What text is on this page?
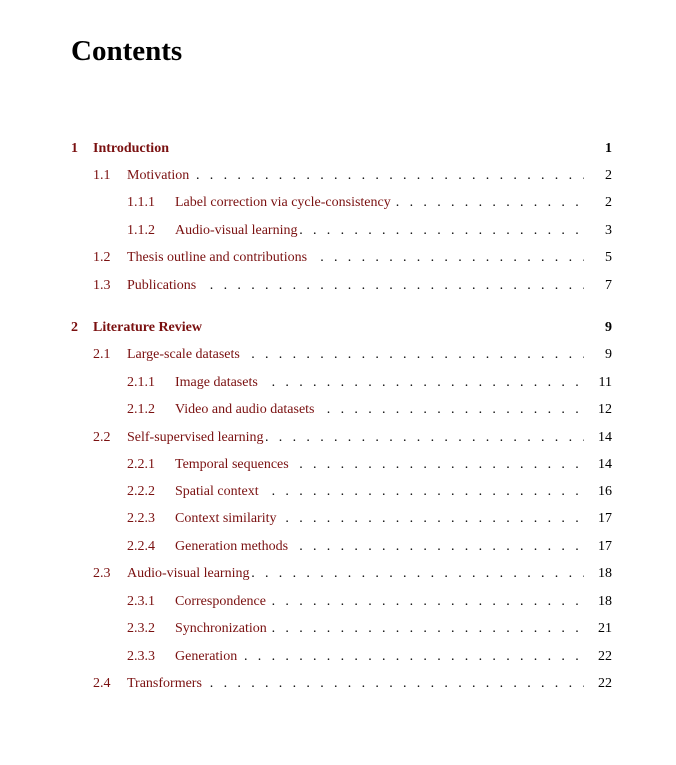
Contents
1 Introduction	1
. . .
1.1 Motivation	2
. . .
1.1.1 Label correction via cycle-consistency	2
. . .
1.1.2 Audio-visual learning	3
. . .
1.2 Thesis outline and contributions	5
. . .
1.3 Publications	7
2 Literature Review	9
. . .
2.1 Large-scale datasets	9
. . .
2.1.1 Image datasets	11
. . .
2.1.2 Video and audio datasets	12
. . .
2.2 Self-supervised learning	14
. . .
2.2.1 Temporal sequences	14
. . .
2.2.2 Spatial context	16
. . .
2.2.3 Context similarity	17
. . .
2.2.4 Generation methods	17
. . .
2.3 Audio-visual learning	18
. . .
2.3.1 Correspondence	18
. . .
2.3.2 Synchronization	21
. . .
2.3.3 Generation	22
. . .
2.4 Transformers	22
